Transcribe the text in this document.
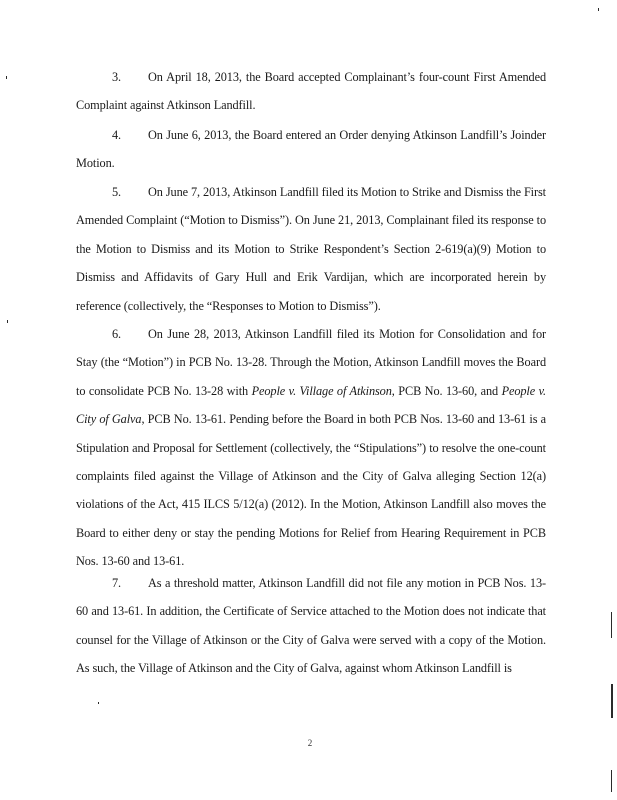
3. On April 18, 2013, the Board accepted Complainant’s four-count First Amended Complaint against Atkinson Landfill.

4. On June 6, 2013, the Board entered an Order denying Atkinson Landfill’s Joinder Motion.

5. On June 7, 2013, Atkinson Landfill filed its Motion to Strike and Dismiss the First Amended Complaint (“Motion to Dismiss”). On June 21, 2013, Complainant filed its response to the Motion to Dismiss and its Motion to Strike Respondent’s Section 2-619(a)(9) Motion to Dismiss and Affidavits of Gary Hull and Erik Vardijan, which are incorporated herein by reference (collectively, the “Responses to Motion to Dismiss”).

6. On June 28, 2013, Atkinson Landfill filed its Motion for Consolidation and for Stay (the “Motion”) in PCB No. 13-28. Through the Motion, Atkinson Landfill moves the Board to consolidate PCB No. 13-28 with People v. Village of Atkinson, PCB No. 13-60, and People v. City of Galva, PCB No. 13-61. Pending before the Board in both PCB Nos. 13-60 and 13-61 is a Stipulation and Proposal for Settlement (collectively, the “Stipulations”) to resolve the one-count complaints filed against the Village of Atkinson and the City of Galva alleging Section 12(a) violations of the Act, 415 ILCS 5/12(a) (2012). In the Motion, Atkinson Landfill also moves the Board to either deny or stay the pending Motions for Relief from Hearing Requirement in PCB Nos. 13-60 and 13-61.

7. As a threshold matter, Atkinson Landfill did not file any motion in PCB Nos. 13-60 and 13-61. In addition, the Certificate of Service attached to the Motion does not indicate that counsel for the Village of Atkinson or the City of Galva were served with a copy of the Motion. As such, the Village of Atkinson and the City of Galva, against whom Atkinson Landfill is

2
